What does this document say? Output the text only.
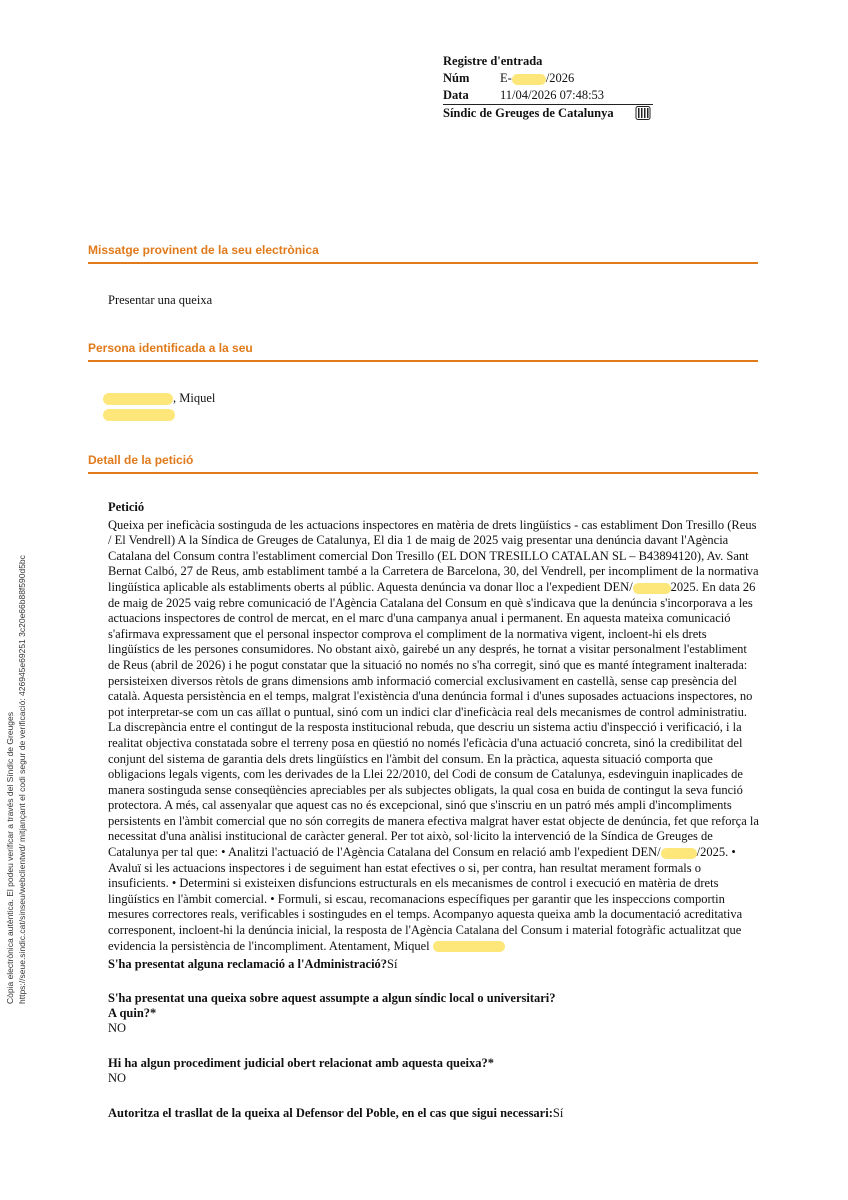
Registre d'entrada
Núm E-	/2026
Data	11/04/2026 07:48:53
Síndic de Greuges de Catalunya
Missatge provinent de la seu electrònica
Presentar una queixa
Persona identificada a la seu
, Miquel
Detall de la petició
Petició
Queixa per ineficàcia sostinguda de les actuacions inspectores en matèria de drets lingüístics - cas establiment Don Tresillo (Reus / El Vendrell) A la Síndica de Greuges de Catalunya, El dia 1 de maig de 2025 vaig presentar una denúncia davant l'Agència Catalana del Consum contra l'establiment comercial Don Tresillo (EL DON TRESILLO CATALAN SL – B43894120), Av. Sant Bernat Calbó, 27 de Reus, amb establiment també a la Carretera de Barcelona, 30, del Vendrell, per incompliment de la normativa lingüística aplicable als establiments oberts al públic. Aquesta denúncia va donar lloc a l'expedient DEN/	2025. En data 26 de maig de 2025 vaig rebre comunicació de l'Agència Catalana del Consum en què s'indicava que la denúncia s'incorporava a les actuacions inspectores de control de mercat, en el marc d'una campanya anual i permanent. En aquesta mateixa comunicació s'afirmava expressament que el personal inspector comprova el compliment de la normativa vigent, incloent-hi els drets lingüístics de les persones consumidores. No obstant això, gairebé un any després, he tornat a visitar personalment l'establiment de Reus (abril de 2026) i he pogut constatar que la situació no només no s'ha corregit, sinó que es manté íntegrament inalterada: persisteixen diversos rètols de grans dimensions amb informació comercial exclusivament en castellà, sense cap presència del català. Aquesta persistència en el temps, malgrat l'existència d'una denúncia formal i d'unes suposades actuacions inspectores, no pot interpretar-se com un cas aïllat o puntual, sinó com un indici clar d'ineficàcia real dels mecanismes de control administratiu. La discrepància entre el contingut de la resposta institucional rebuda, que descriu un sistema actiu d'inspecció i verificació, i la realitat objectiva constatada sobre el terreny posa en qüestió no només l'eficàcia d'una actuació concreta, sinó la credibilitat del conjunt del sistema de garantia dels drets lingüístics en l'àmbit del consum. En la pràctica, aquesta situació comporta que obligacions legals vigents, com les derivades de la Llei 22/2010, del Codi de consum de Catalunya, esdevinguin inaplicades de manera sostinguda sense conseqüències apreciables per als subjectes obligats, la qual cosa en buida de contingut la seva funció protectora. A més, cal assenyalar que aquest cas no és excepcional, sinó que s'inscriu en un patró més ampli d'incompliments persistents en l'àmbit comercial que no són corregits de manera efectiva malgrat haver estat objecte de denúncia, fet que reforça la necessitat d'una anàlisi institucional de caràcter general. Per tot això, sol·licito la intervenció de la Síndica de Greuges de Catalunya per tal que: • Analitzi l'actuació de l'Agència Catalana del Consum en relació amb l'expedient DEN/	/2025. • Avaluï si les actuacions inspectores i de seguiment han estat efectives o si, per contra, han resultat merament formals o insuficients. • Determini si existeixen disfuncions estructurals en els mecanismes de control i execució en matèria de drets lingüístics en l'àmbit comercial. • Formuli, si escau, recomanacions específiques per garantir que les inspeccions comportin mesures correctores reals, verificables i sostingudes en el temps. Acompanyo aquesta queixa amb la documentació acreditativa corresponent, incloent-hi la denúncia inicial, la resposta de l'Agència Catalana del Consum i material fotogràfic actualitzat que evidencia la persistència de l'incompliment. Atentament, Miquel
S'ha presentat alguna reclamació a l'Administració?Sí
S'ha presentat una queixa sobre aquest assumpte a algun síndic local o universitari?
A quin?*
NO
Hi ha algun procediment judicial obert relacionat amb aquesta queixa?*
NO
Autoritza el trasllat de la queixa al Defensor del Poble, en el cas que sigui necessari:Sí
Còpia electrònica autèntica. El podeu verificar a través del Síndic de Greuges https://seue.sindic.cat/sinseu/webclientwd/ mitjançant el codi segur de verificació: 426945e69251 3c20e66b88f590d5bc
